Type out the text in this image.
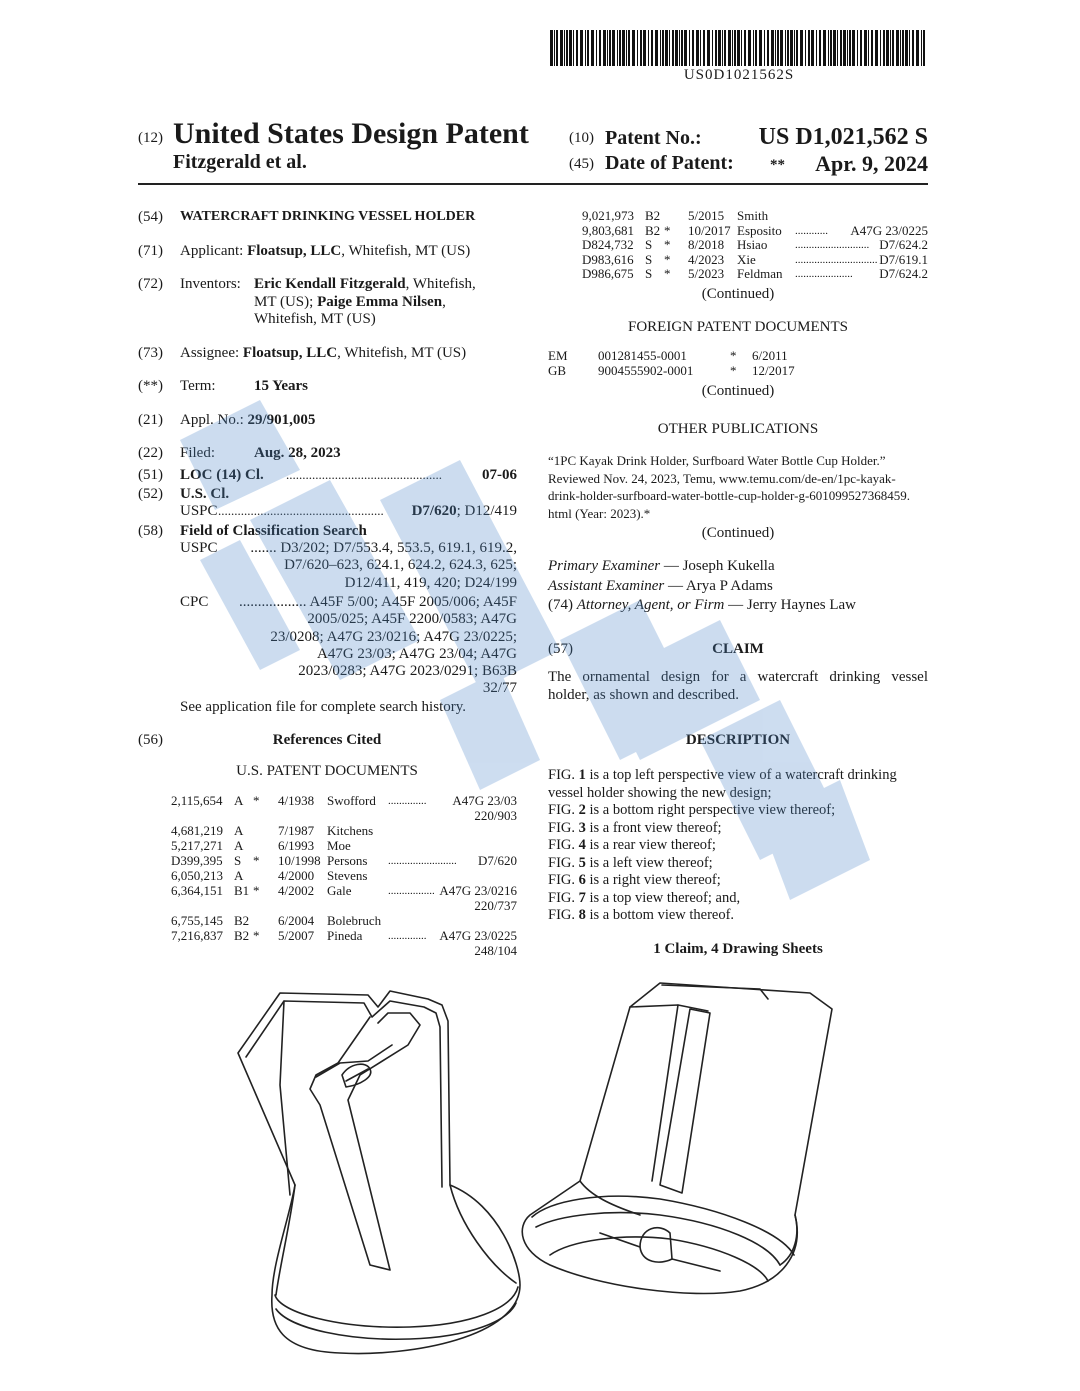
US0D1021562S
(12) United States Design Patent
Fitzgerald et al.
(10) Patent No.: US D1,021,562 S
(45) Date of Patent: ** Apr. 9, 2024
(54) WATERCRAFT DRINKING VESSEL HOLDER
(71) Applicant: Floatsup, LLC, Whitefish, MT (US)
(72) Inventors: Eric Kendall Fitzgerald, Whitefish,
MT (US); Paige Emma Nilsen,
Whitefish, MT (US)
(73) Assignee: Floatsup, LLC, Whitefish, MT (US)
(**) Term:	15 Years
(21) Appl. No.: 29/901,005
(22) Filed:	Aug. 28, 2023
(51) LOC (14) Cl. ................................................	07-06
(52) U.S. Cl.
USPC ................................................... D7/620; D12/419
(58) Field of Classification Search
USPC ....... D3/202; D7/553.4, 553.5, 619.1, 619.2,
D7/620–623, 624.1, 624.2, 624.3, 625;
D12/411, 419, 420; D24/199
CPC .................. A45F 5/00; A45F 2005/006; A45F
2005/025; A45F 2200/0583; A47G
23/0208; A47G 23/0216; A47G 23/0225;
A47G 23/03; A47G 23/04; A47G
2023/0283; A47G 2023/0291; B63B
32/77
See application file for complete search history.
(56)	References Cited
U.S. PATENT DOCUMENTS
2,115,654 A * 4/1938 Swofford .............. A47G 23/03
220/903
4,681,219 A	7/1987 Kitchens
5,217,271 A	6/1993 Moe
D399,395 S * 10/1998 Persons ......................... D7/620
6,050,213 A	4/2000 Stevens
6,364,151 B1 * 4/2002 Gale	................. A47G 23/0216
220/737
6,755,145 B2 6/2004 Bolebruch
7,216,837 B2 * 5/2007 Pineda .............. A47G 23/0225
248/104
9,021,973 B2 5/2015 Smith
9,803,681 B2 * 10/2017 Esposito ............ A47G 23/0225
D824,732 S * 8/2018 Hsiao	........................... D7/624.2
D983,616 S * 4/2023 Xie	.............................. D7/619.1
D986,675 S * 5/2023 Feldman ..................... D7/624.2
(Continued)
FOREIGN PATENT DOCUMENTS
EM 001281455-0001	* 6/2011
GB 9004555902-0001	* 12/2017
(Continued)
OTHER PUBLICATIONS
“1PC Kayak Drink Holder, Surfboard Water Bottle Cup Holder.”
Reviewed Nov. 24, 2023, Temu, www.temu.com/de-en/1pc-kayak-
drink-holder-surfboard-water-bottle-cup-holder-g-601099527368459.
html (Year: 2023).*
(Continued)
Primary Examiner — Joseph Kukella
Assistant Examiner — Arya P Adams
(74) Attorney, Agent, or Firm — Jerry Haynes Law
(57)	CLAIM
The ornamental design for a watercraft drinking vessel
holder, as shown and described.
DESCRIPTION
FIG. 1 is a top left perspective view of a watercraft drinking
vessel holder showing the new design;
FIG. 2 is a bottom right perspective view thereof;
FIG. 3 is a front view thereof;
FIG. 4 is a rear view thereof;
FIG. 5 is a left view thereof;
FIG. 6 is a right view thereof;
FIG. 7 is a top view thereof; and,
FIG. 8 is a bottom view thereof.
1 Claim, 4 Drawing Sheets
